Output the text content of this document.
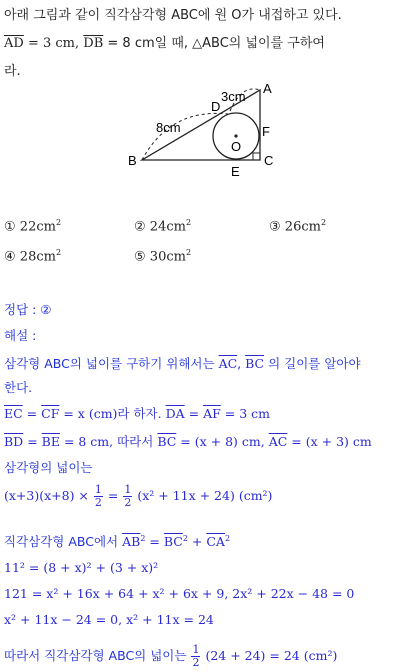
아래 그림과 같이 직각삼각형 ABC에 원 O가 내접하고 있다.
$\overline{AD} = 3$ cm, $\overline{DB} = 8$ cm일 때, △ABC의 넓이를 구하여
라.
B	C
A
D
F
E
O
8cm
3cm
① $22cm^2$	② $24cm^2$	③ $26cm^2$
④ $28cm^2$	⑤ $30cm^2$
정답 : ②
해설 :
삼각형 ABC의 넓이를 구하기 위해서는 $\overline{AC}$, $\overline{BC}$ 의 길이를 알아야
한다.
$\overline{EC} = \overline{CF} = x$ (cm)라 하자. $\overline{DA} = \overline{AF} = 3$ cm
$\overline{BD} = \overline{BE} = 8$ cm, 따라서 $\overline{BC} = (x + 8)$ cm, $\overline{AC} = (x + 3)$ cm
삼각형의 넓이는
$(x+3)(x+8) \times \frac{1}{2} = \frac{1}{2} (x^2 + 11x + 24)$ (cm²)
직각삼각형 ABC에서 $\overline{AB}^2 = \overline{BC}^2 + \overline{CA}^2$
11² = (8 + x)² + (3 + x)²
121 = x² + 16x + 64 + x² + 6x + 9, 2x² + 22x − 48 = 0
x² + 11x − 24 = 0, x² + 11x = 24
따라서 직각삼각형 ABC의 넓이는 $\frac{1}{2} (24 + 24) = 24$ (cm²)
